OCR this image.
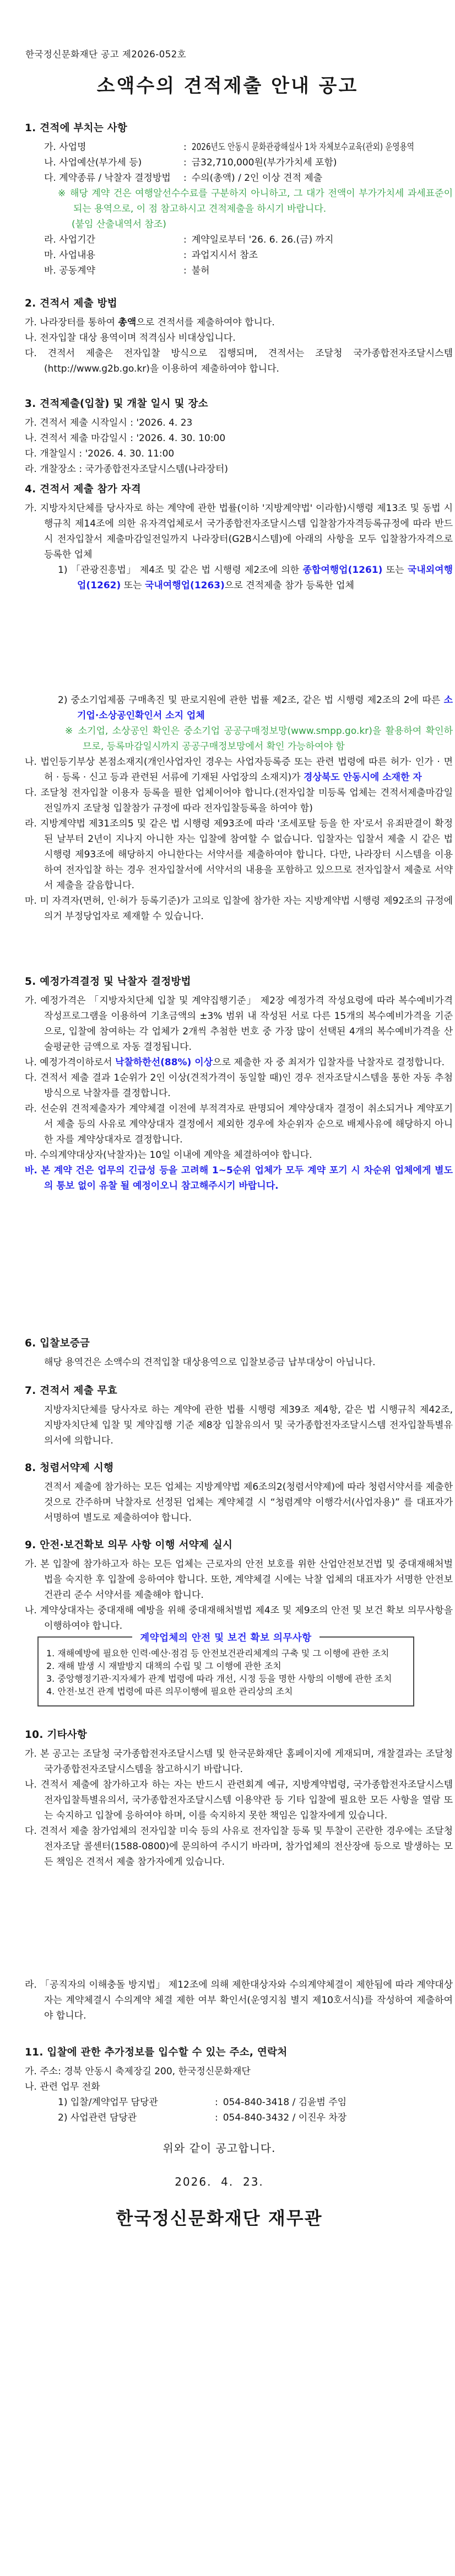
한국정신문화재단 공고 제2026-052호
소액수의 견적제출 안내 공고
1. 견적에 부치는 사항
가. 사업명	: 2026년도 안동시 문화관광해설사 1차 자체보수교육(관외) 운영용역
나. 사업예산(부가세 등)	: 금32,710,000원(부가가치세 포함)
다. 계약종류 / 낙찰자 결정방법	: 수의(총액) / 2인 이상 견적 제출
※ 해당 계약 건은 여행알선수수료를 구분하지 아니하고, 그 대가 전액이 부가가치세 과세표준이 되는 용역으로, 이 점 참고하시고 견적제출을 하시기 바랍니다.
(붙임 산출내역서 참조)
라. 사업기간	: 계약일로부터 '26. 6. 26.(금) 까지
마. 사업내용	: 과업지시서 참조
바. 공동계약	: 불허
2. 견적서 제출 방법
가. 나라장터를 통하여 총액으로 견적서를 제출하여야 합니다.
나. 전자입찰 대상 용역이며 적격심사 비대상입니다.
다. 견적서 제출은 전자입찰 방식으로 집행되며, 견적서는 조달청 국가종합전자조달시스템(http://www.g2b.go.kr)을 이용하여 제출하여야 합니다.
3. 견적제출(입찰) 및 개찰 일시 및 장소
가. 견적서 제출 시작일시 : '2026. 4. 23
나. 견적서 제출 마감일시 : '2026. 4. 30. 10:00
다. 개찰일시 : '2026. 4. 30. 11:00
라. 개찰장소 : 국가종합전자조달시스템(나라장터)
4. 견적서 제출 참가 자격
가. 지방자치단체를 당사자로 하는 계약에 관한 법률(이하 '지방계약법' 이라함)시행령 제13조 및 동법 시행규칙 제14조에 의한 유자격업체로서 국가종합전자조달시스템 입찰참가자격등록규정에 따라 반드시 전자입찰서 제출마감일전일까지 나라장터(G2B시스템)에 아래의 사항을 모두 입찰참가자격으로 등록한 업체
1) 「관광진흥법」 제4조 및 같은 법 시행령 제2조에 의한 종합여행업(1261) 또는 국내외여행업(1262) 또는 국내여행업(1263)으로 견적제출 참가 등록한 업체
2) 중소기업제품 구매촉진 및 판로지원에 관한 법률 제2조, 같은 법 시행령 제2조의 2에 따른 소기업·소상공인확인서 소지 업체
※ 소기업, 소상공인 확인은 중소기업 공공구매정보망(www.smpp.go.kr)을 활용하여 확인하므로, 등록마감일시까지 공공구매정보망에서 확인 가능하여야 함
나. 법인등기부상 본점소재지(개인사업자인 경우는 사업자등록증 또는 관련 법령에 따른 허가· 인가 · 면허 · 등록 · 신고 등과 관련된 서류에 기재된 사업장의 소재지)가 경상북도 안동시에 소재한 자
다. 조달청 전자입찰 이용자 등록을 필한 업체이어야 합니다.(전자입찰 미등록 업체는 견적서제출마감일 전일까지 조달청 입찰참가 규정에 따라 전자입찰등록을 하여야 함)
라. 지방계약법 제31조의5 및 같은 법 시행령 제93조에 따라 '조세포탈 등을 한 자'로서 유죄판결이 확정된 날부터 2년이 지나지 아니한 자는 입찰에 참여할 수 없습니다. 입찰자는 입찰서 제출 시 같은 법 시행령 제93조에 해당하지 아니한다는 서약서를 제출하여야 합니다. 다만, 나라장터 시스템을 이용하여 전자입찰 하는 경우 전자입찰서에 서약서의 내용을 포함하고 있으므로 전자입찰서 제출로 서약서 제출을 갈음합니다.
마. 미 자격자(면허, 인·허가 등록기준)가 고의로 입찰에 참가한 자는 지방계약법 시행령 제92조의 규정에 의거 부정당업자로 제재할 수 있습니다.
5. 예정가격결정 및 낙찰자 결정방법
가. 예정가격은 「지방자치단체 입찰 및 계약집행기준」 제2장 예정가격 작성요령에 따라 복수예비가격 작성프로그램을 이용하여 기초금액의 ±3% 범위 내 작성된 서로 다른 15개의 복수예비가격을 기준으로, 입찰에 참여하는 각 업체가 2개씩 추첨한 번호 중 가장 많이 선택된 4개의 복수예비가격을 산술평균한 금액으로 자동 결정됩니다.
나. 예정가격이하로서 낙찰하한선(88%) 이상으로 제출한 자 중 최저가 입찰자를 낙찰자로 결정합니다.
다. 견적서 제출 결과 1순위가 2인 이상(견적가격이 동일할 때)인 경우 전자조달시스템을 통한 자동 추첨 방식으로 낙찰자를 결정합니다.
라. 선순위 견적제출자가 계약체결 이전에 부적격자로 판명되어 계약상대자 결정이 취소되거나 계약포기서 제출 등의 사유로 계약상대자 결정에서 제외한 경우에 차순위자 순으로 배제사유에 해당하지 아니한 자를 계약상대자로 결정합니다.
마. 수의계약대상자(낙찰자)는 10일 이내에 계약을 체결하여야 합니다.
바. 본 계약 건은 업무의 긴급성 등을 고려해 1~5순위 업체가 모두 계약 포기 시 차순위 업체에게 별도의 통보 없이 유찰 될 예정이오니 참고해주시기 바랍니다.
6. 입찰보증금
해당 용역건은 소액수의 견적입찰 대상용역으로 입찰보증금 납부대상이 아닙니다.
7. 견적서 제출 무효
지방자치단체를 당사자로 하는 계약에 관한 법률 시행령 제39조 제4항, 같은 법 시행규칙 제42조, 지방자치단체 입찰 및 계약집행 기준 제8장 입찰유의서 및 국가종합전자조달시스템 전자입찰특별유의서에 의합니다.
8. 청렴서약제 시행
견적서 제출에 참가하는 모든 업체는 지방계약법 제6조의2(청렴서약제)에 따라 청렴서약서를 제출한 것으로 간주하며 낙찰자로 선정된 업체는 계약체결 시 “청렴계약 이행각서(사업자용)” 를 대표자가 서명하여 별도로 제출하여야 합니다.
9. 안전·보건확보 의무 사항 이행 서약제 실시
가. 본 입찰에 참가하고자 하는 모든 업체는 근로자의 안전 보호를 위한 산업안전보건법 및 중대재해처벌법을 숙지한 후 입찰에 응하여야 합니다. 또한, 계약체결 시에는 낙찰 업체의 대표자가 서명한 안전보건관리 준수 서약서를 제출해야 합니다.
나. 계약상대자는 중대재해 예방을 위해 중대재해처벌법 제4조 및 제9조의 안전 및 보건 확보 의무사항을 이행하여야 합니다.
계약업체의 안전 및 보건 확보 의무사항
1. 재해예방에 필요한 인력·예산·점검 등 안전보건관리체계의 구축 및 그 이행에 관한 조치
2. 재해 발생 시 재발방지 대책의 수립 및 그 이행에 관한 조치
3. 중앙행정기관·지자체가 관계 법령에 따라 개선, 시정 등을 명한 사항의 이행에 관한 조치
4. 안전·보건 관계 법령에 따른 의무이행에 필요한 관리상의 조치
10. 기타사항
가. 본 공고는 조달청 국가종합전자조달시스템 및 한국문화재단 홈페이지에 게재되며, 개찰결과는 조달청 국가종합전자조달시스템을 참고하시기 바랍니다.
나. 견적서 제출에 참가하고자 하는 자는 반드시 관련회계 예규, 지방계약법령, 국가종합전자조달시스템 전자입찰특별유의서, 국가종합전자조달시스템 이용약관 등 기타 입찰에 필요한 모든 사항을 열람 또는 숙지하고 입찰에 응하여야 하며, 이를 숙지하지 못한 책임은 입찰자에게 있습니다.
다. 견적서 제출 참가업체의 전자입찰 미숙 등의 사유로 전자입찰 등록 및 투찰이 곤란한 경우에는 조달청 전자조달 콜센터(1588-0800)에 문의하여 주시기 바라며, 참가업체의 전산장애 등으로 발생하는 모든 책임은 견적서 제출 참가자에게 있습니다.
라. 「공직자의 이해충돌 방지법」 제12조에 의해 제한대상자와 수의계약체결이 제한됨에 따라 계약대상자는 계약체결시 수의계약 체결 제한 여부 확인서(운영지침 별지 제10호서식)를 작성하여 제출하여야 합니다.
11. 입찰에 관한 추가정보를 입수할 수 있는 주소, 연락처
가. 주소: 경북 안동시 축제장길 200, 한국정신문화재단
나. 관련 업무 전화
1) 입찰/계약업무 담당관	: 054-840-3418 / 김윤범 주임
2) 사업관련 담당관	: 054-840-3432 / 이진우 차장
위와 같이 공고합니다.
2026.  4.  23.
한국정신문화재단 재무관
